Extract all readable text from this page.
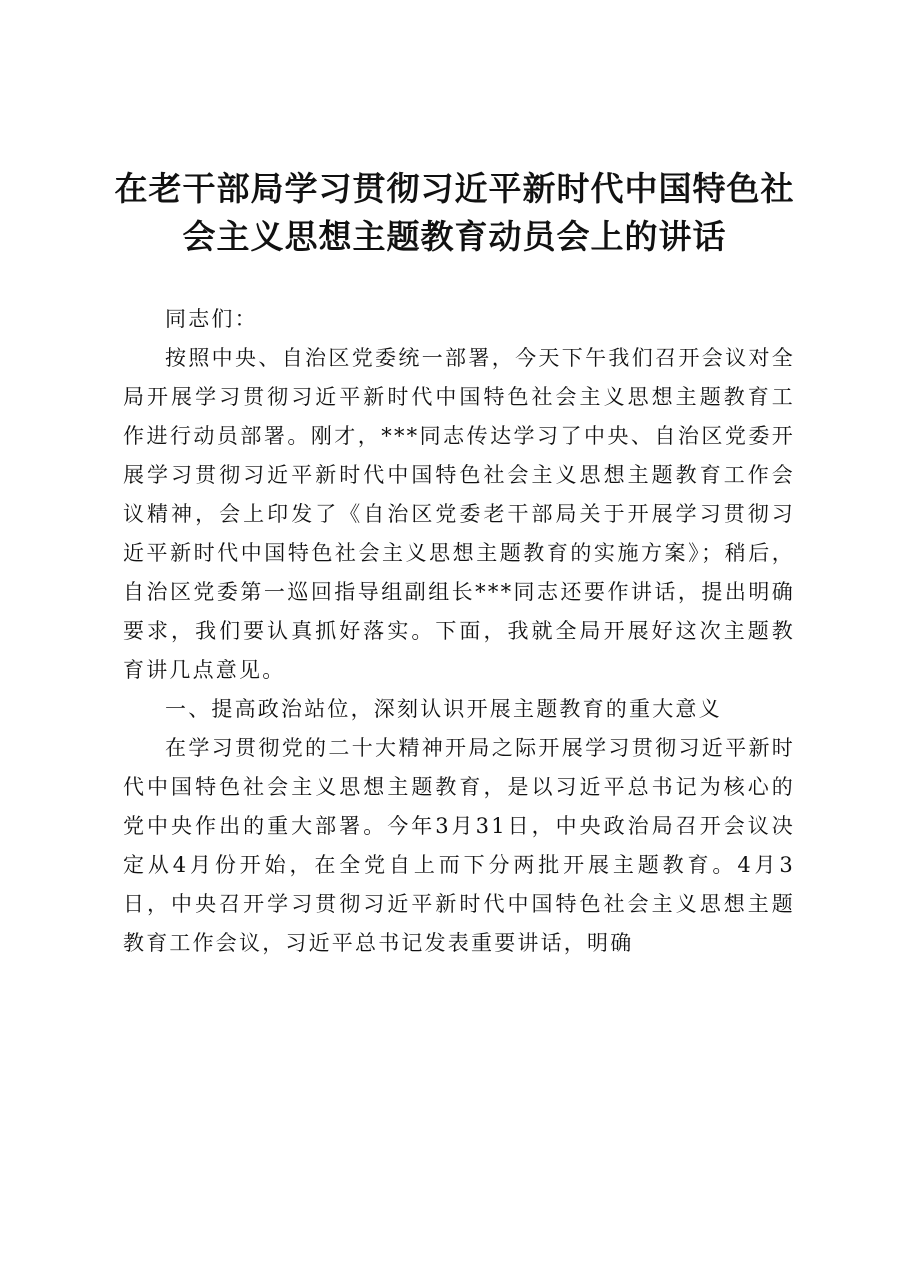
在老干部局学习贯彻习近平新时代中国特色社
会主义思想主题教育动员会上的讲话

同志们：

按照中央、自治区党委统一部署，今天下午我们召开会议对全局开展学习贯彻习近平新时代中国特色社会主义思想主题教育工作进行动员部署。刚才，***同志传达学习了中央、自治区党委开展学习贯彻习近平新时代中国特色社会主义思想主题教育工作会议精神，会上印发了《自治区党委老干部局关于开展学习贯彻习近平新时代中国特色社会主义思想主题教育的实施方案》；稍后，自治区党委第一巡回指导组副组长***同志还要作讲话，提出明确要求，我们要认真抓好落实。下面，我就全局开展好这次主题教育讲几点意见。

一、提高政治站位，深刻认识开展主题教育的重大意义

在学习贯彻党的二十大精神开局之际开展学习贯彻习近平新时代中国特色社会主义思想主题教育，是以习近平总书记为核心的党中央作出的重大部署。今年3月31日，中央政治局召开会议决定从4月份开始，在全党自上而下分两批开展主题教育。4月3日，中央召开学习贯彻习近平新时代中国特色社会主义思想主题教育工作会议，习近平总书记发表重要讲话，明确
